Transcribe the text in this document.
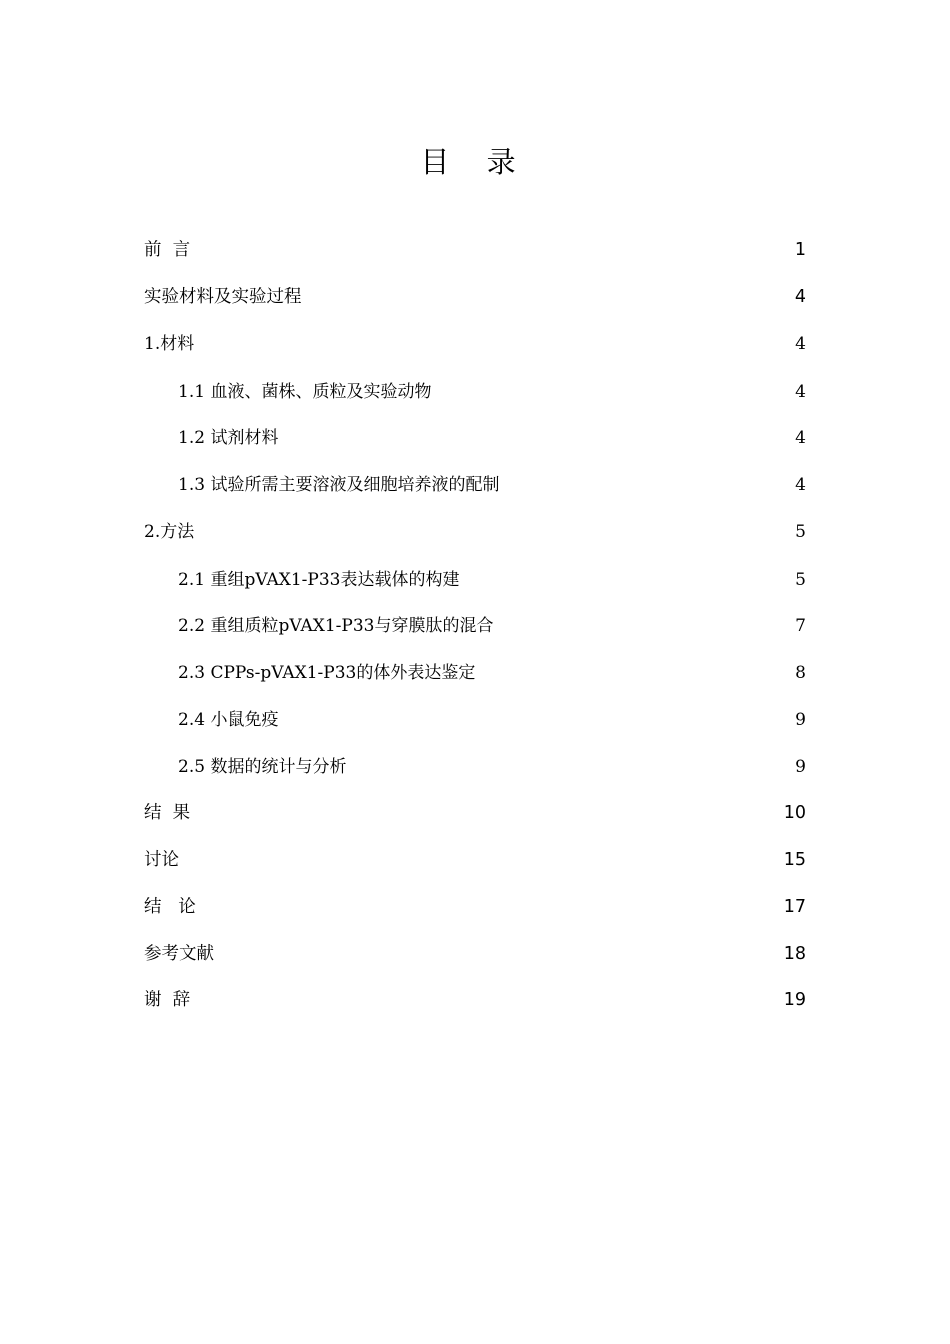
目 录
前  言	1
实验材料及实验过程	4
1.材料	4
1.1 血液、菌株、质粒及实验动物	4
1.2 试剂材料	4
1.3 试验所需主要溶液及细胞培养液的配制	4
2.方法	5
2.1 重组pVAX1-P33表达载体的构建	5
2.2 重组质粒pVAX1-P33与穿膜肽的混合	7
2.3 CPPs-pVAX1-P33的体外表达鉴定	8
2.4 小鼠免疫	9
2.5 数据的统计与分析	9
结  果	10
讨论	15
结   论	17
参考文献	18
谢  辞	19
